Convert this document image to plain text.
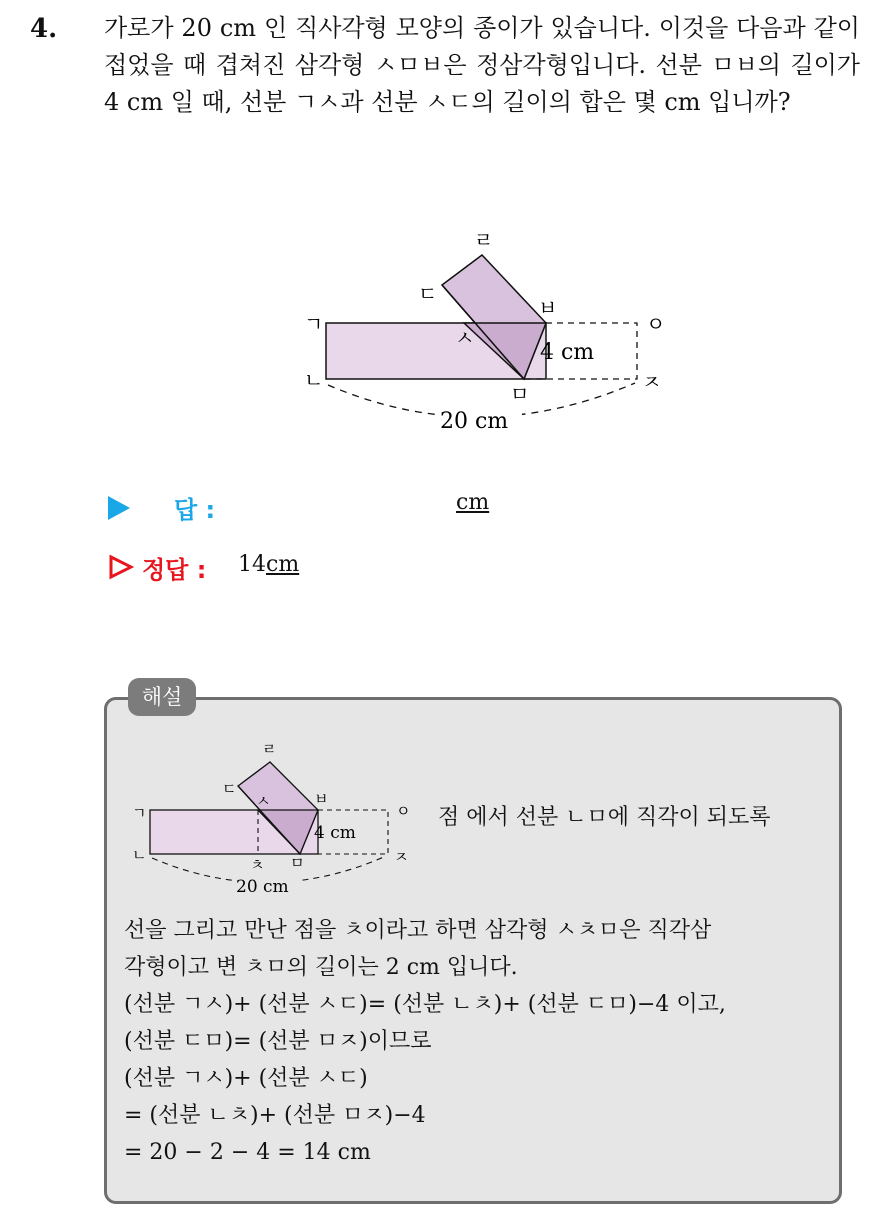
4. 가로가 20 cm 인 직사각형 모양의 종이가 있습니다. 이것을 다음과 같이 접었을 때 겹쳐진 삼각형 ㅅㅁㅂ은 정삼각형입니다. 선분 ㅁㅂ의 길이가 4 cm 일 때, 선분 ㄱㅅ과 선분 ㅅㄷ의 길이의 합은 몇 cm 입니까?
ㄱ
ㄴ
ㄷ
ㄹ
ㅂ
ㅅ
ㅁ
ㅇ
ㅈ
4 cm
20 cm
답 :	cm
정답 : 14cm
해설
ㄱ
ㄴ
ㄷ
ㄹ
ㅂ
ㅅ
ㅁ
ㅊ
ㅇ
ㅈ
4 cm
20 cm
점 에서 선분 ㄴㅁ에 직각이 되도록
선을 그리고 만난 점을 ㅊ이라고 하면 삼각형 ㅅㅊㅁ은 직각삼
각형이고 변 ㅊㅁ의 길이는 2 cm 입니다.
(선분 ㄱㅅ)+ (선분 ㅅㄷ)= (선분 ㄴㅊ)+ (선분 ㄷㅁ)−4 이고,
(선분 ㄷㅁ)= (선분 ㅁㅈ)이므로
(선분 ㄱㅅ)+ (선분 ㅅㄷ)
= (선분 ㄴㅊ)+ (선분 ㅁㅈ)−4
= 20 − 2 − 4 = 14 cm
